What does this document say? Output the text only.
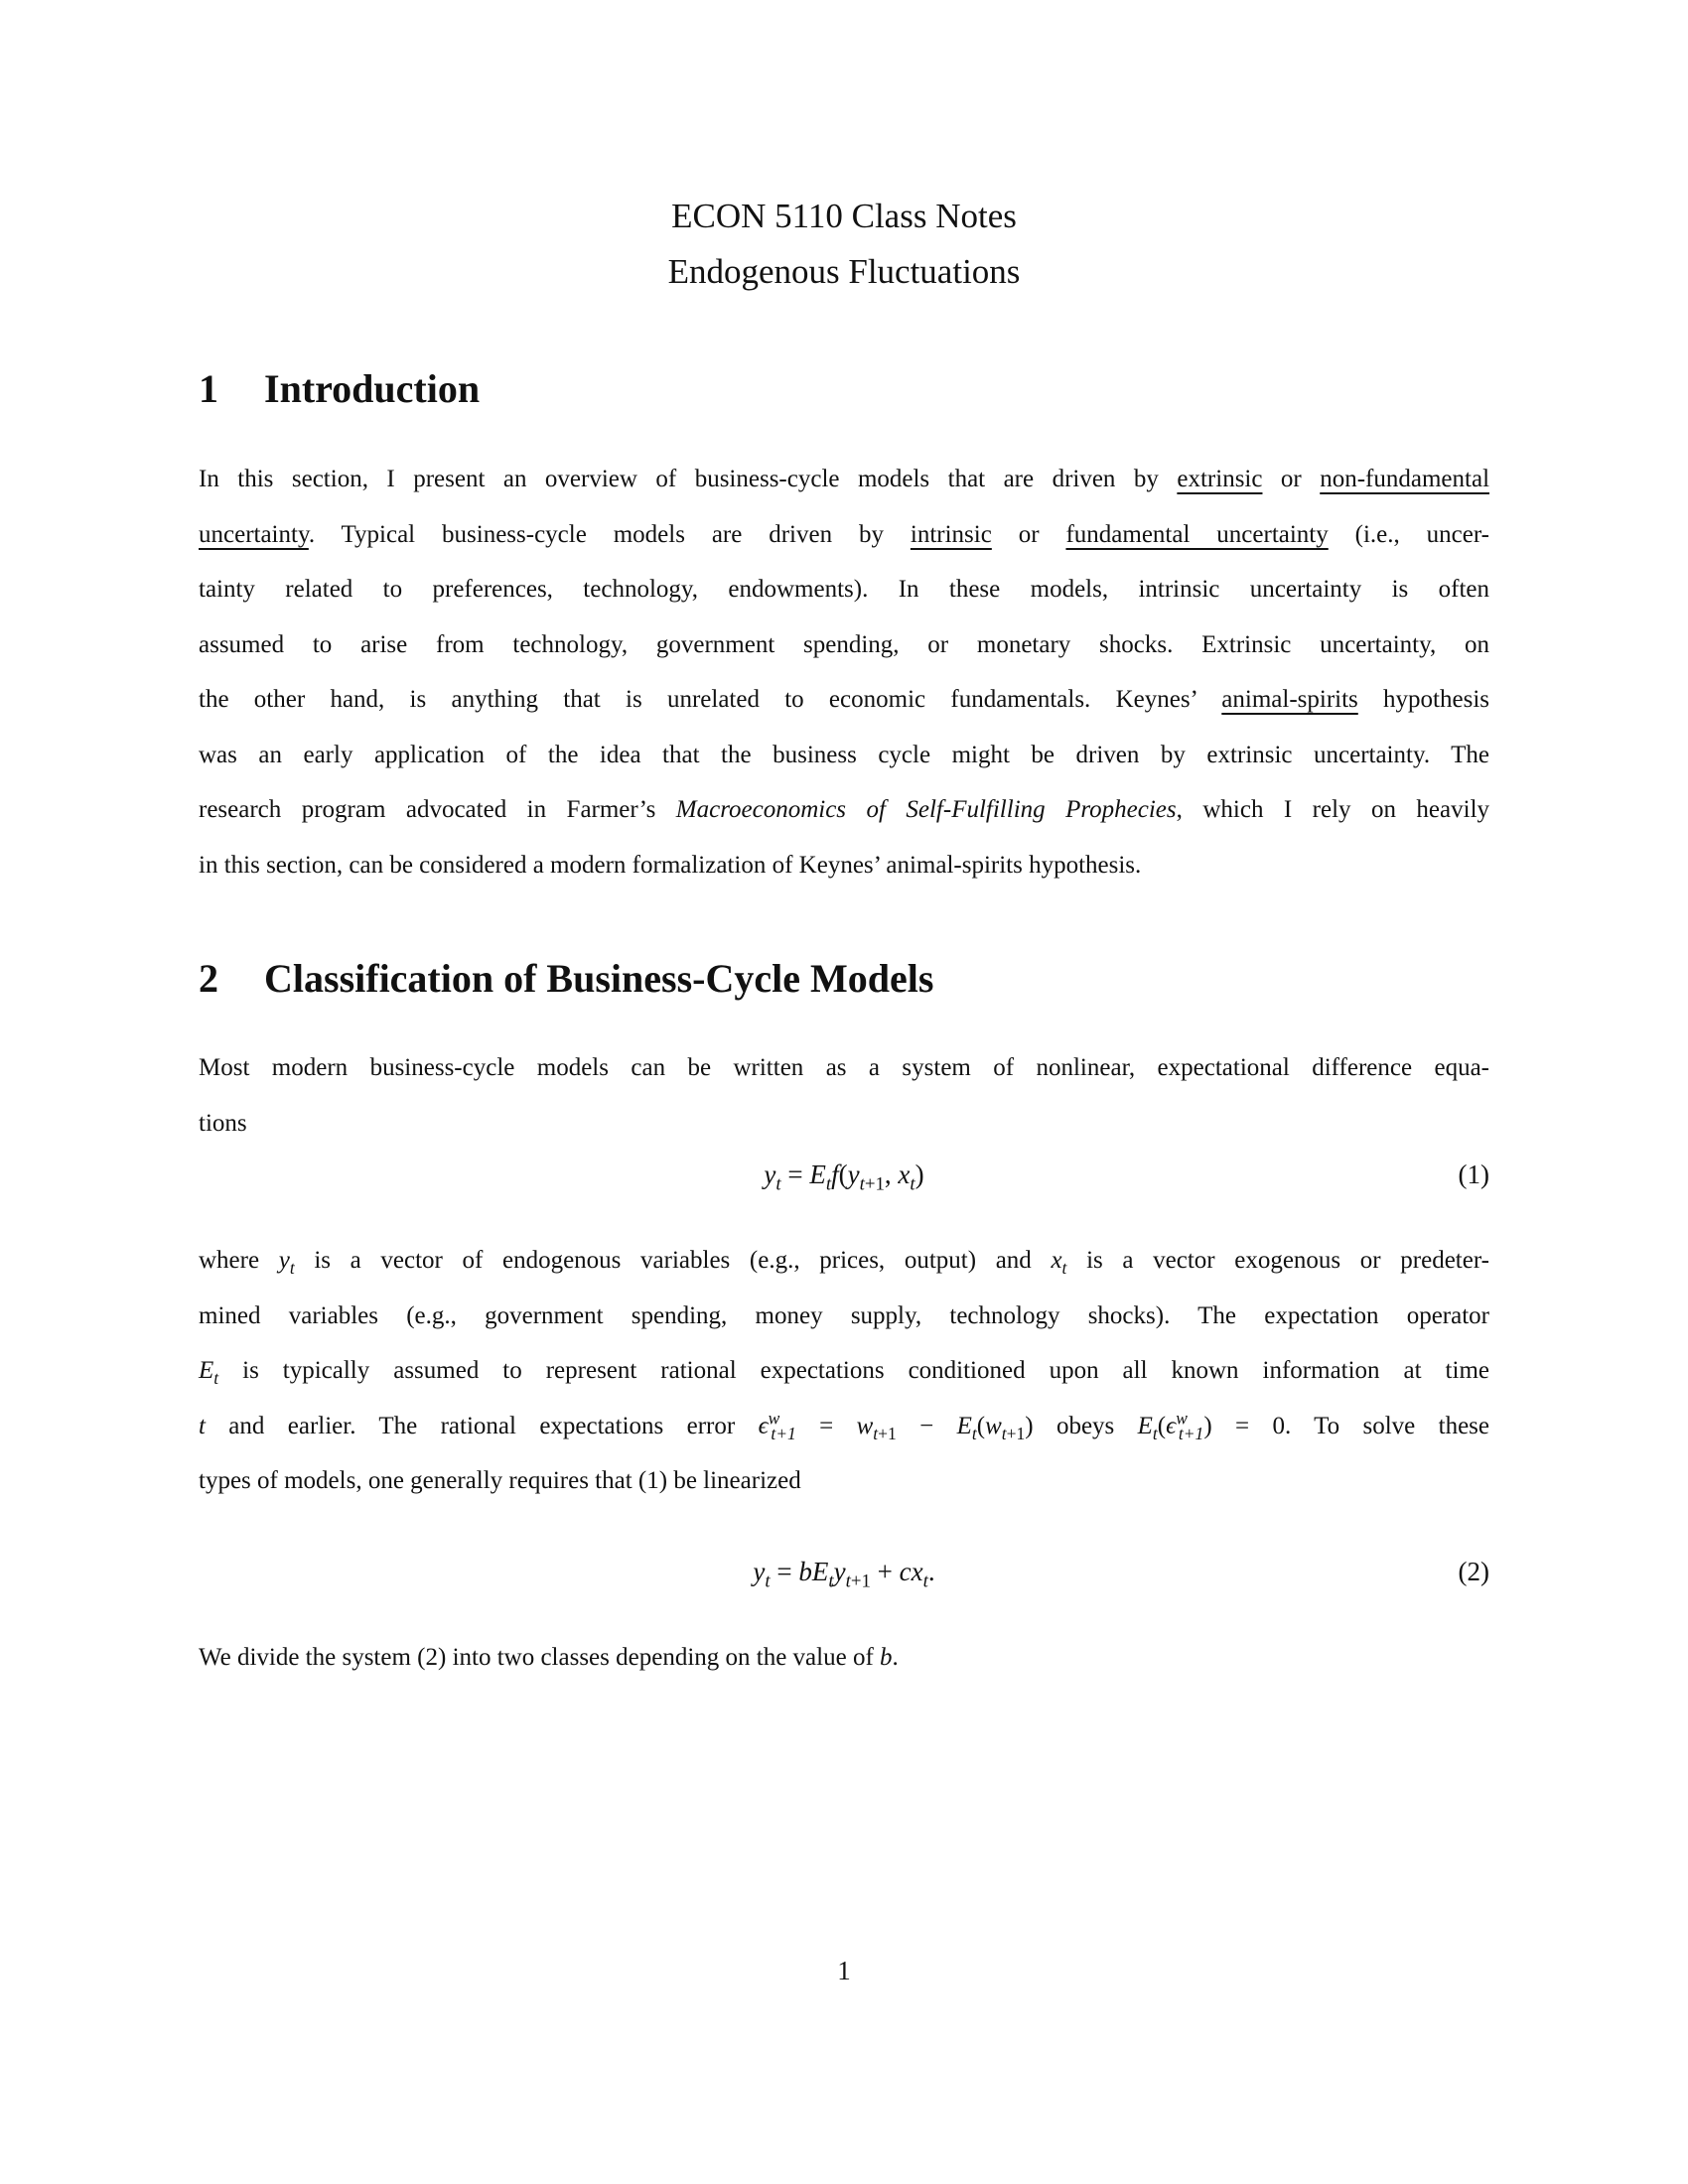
ECON 5110 Class Notes
Endogenous Fluctuations
1 Introduction
In this section, I present an overview of business-cycle models that are driven by extrinsic or non-fundamental
uncertainty. Typical business-cycle models are driven by intrinsic or fundamental uncertainty (i.e., uncer-
tainty related to preferences, technology, endowments). In these models, intrinsic uncertainty is often
assumed to arise from technology, government spending, or monetary shocks. Extrinsic uncertainty, on
the other hand, is anything that is unrelated to economic fundamentals. Keynes’ animal-spirits hypothesis
was an early application of the idea that the business cycle might be driven by extrinsic uncertainty. The
research program advocated in Farmer’s Macroeconomics of Self-Fulfilling Prophecies, which I rely on heavily
in this section, can be considered a modern formalization of Keynes’ animal-spirits hypothesis.
2 Classification of Business-Cycle Models
Most modern business-cycle models can be written as a system of nonlinear, expectational difference equa-
tions
$y_t = E_tf(y_{t+1}$, $x_t$)	(1)
where $y_t$ is a vector of endogenous variables (e.g., prices, output) and $x_t$ is a vector exogenous or predeter-
mined variables (e.g., government spending, money supply, technology shocks). The expectation operator
$E_t$ is typically assumed to represent rational expectations conditioned upon all known information at time
t and earlier. The rational expectations error $\epsilon^w_{t+1} = w_{t+1} - E_t(w_{t+1})$ obeys $E_t(\epsilon^w_{t+1}) = 0$. To solve these
types of models, one generally requires that (1) be linearized
$y_t = bE_ty_{t+1} + cx_t$.	(2)
We divide the system (2) into two classes depending on the value of b.
1
